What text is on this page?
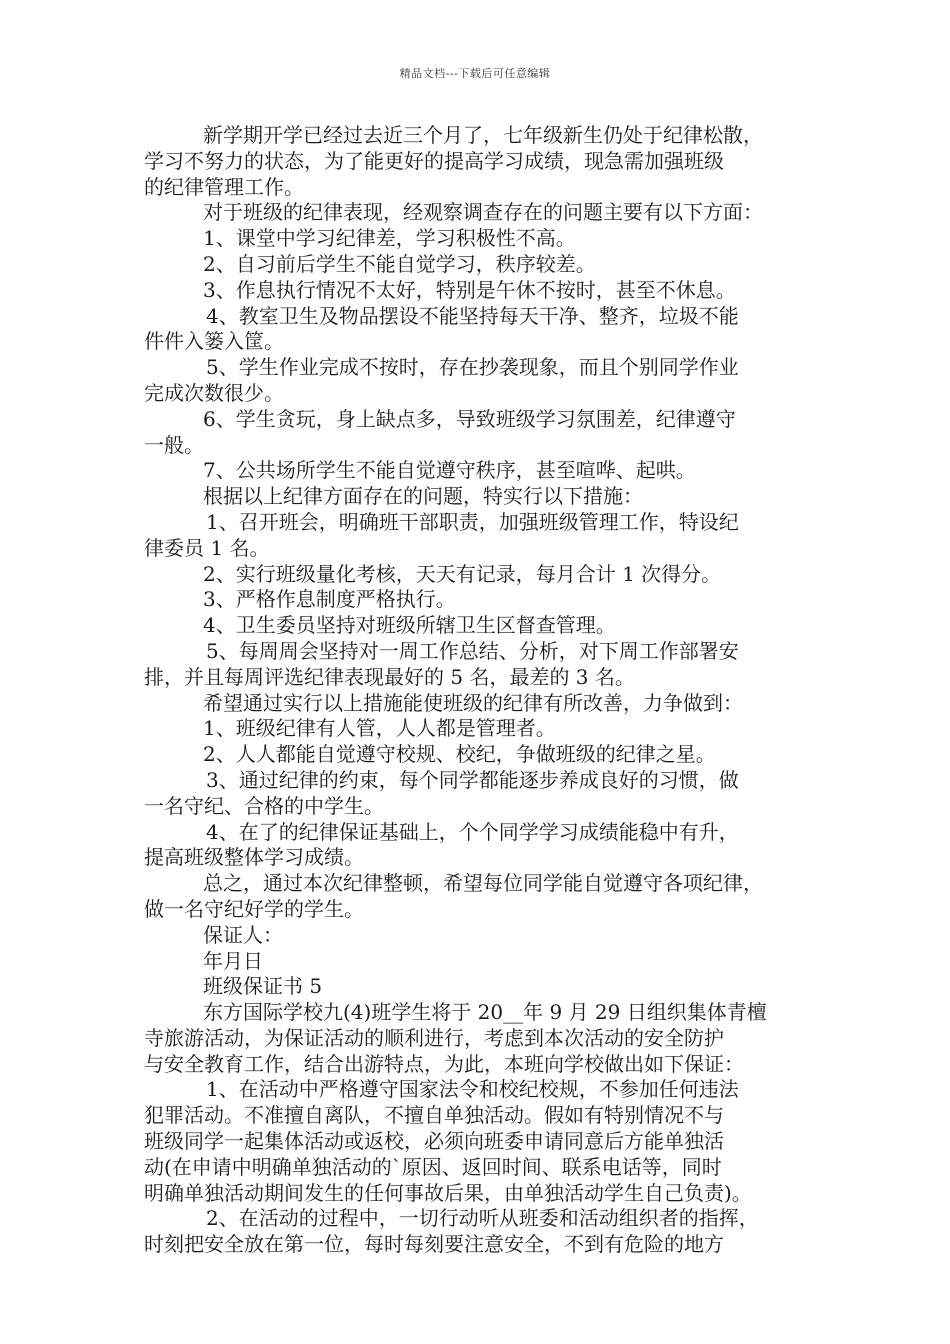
精品文档---下载后可任意编辑

新学期开学已经过去近三个月了，七年级新生仍处于纪律松散，

学习不努力的状态，为了能更好的提高学习成绩，现急需加强班级

的纪律管理工作。

对于班级的纪律表现，经观察调查存在的问题主要有以下方面：

1、课堂中学习纪律差，学习积极性不高。

2、自习前后学生不能自觉学习，秩序较差。

3、作息执行情况不太好，特别是午休不按时，甚至不休息。

4、教室卫生及物品摆设不能坚持每天干净、整齐，垃圾不能

件件入篓入筐。

5、学生作业完成不按时，存在抄袭现象，而且个别同学作业

完成次数很少。

6、学生贪玩，身上缺点多，导致班级学习氛围差，纪律遵守

一般。

7、公共场所学生不能自觉遵守秩序，甚至喧哗、起哄。

根据以上纪律方面存在的问题，特实行以下措施：

1、召开班会，明确班干部职责，加强班级管理工作，特设纪

律委员 1 名。

2、实行班级量化考核，天天有记录，每月合计 1 次得分。

3、严格作息制度严格执行。

4、卫生委员坚持对班级所辖卫生区督查管理。

5、每周周会坚持对一周工作总结、分析，对下周工作部署安

排，并且每周评选纪律表现最好的 5 名，最差的 3 名。

希望通过实行以上措施能使班级的纪律有所改善，力争做到：

1、班级纪律有人管，人人都是管理者。

2、人人都能自觉遵守校规、校纪，争做班级的纪律之星。

3、通过纪律的约束，每个同学都能逐步养成良好的习惯，做

一名守纪、合格的中学生。

4、在了的纪律保证基础上，个个同学学习成绩能稳中有升，

提高班级整体学习成绩。

总之，通过本次纪律整顿，希望每位同学能自觉遵守各项纪律，

做一名守纪好学的学生。

保证人：

年月日

班级保证书 5

东方国际学校九(4)班学生将于 20__年 9 月 29 日组织集体青檀

寺旅游活动，为保证活动的顺利进行，考虑到本次活动的安全防护

与安全教育工作，结合出游特点，为此，本班向学校做出如下保证：

1、在活动中严格遵守国家法令和校纪校规，不参加任何违法

犯罪活动。不准擅自离队，不擅自单独活动。假如有特别情况不与

班级同学一起集体活动或返校，必须向班委申请同意后方能单独活

动(在申请中明确单独活动的`原因、返回时间、联系电话等，同时

明确单独活动期间发生的任何事故后果，由单独活动学生自己负责)。

2、在活动的过程中，一切行动听从班委和活动组织者的指挥，

时刻把安全放在第一位，每时每刻要注意安全，不到有危险的地方
